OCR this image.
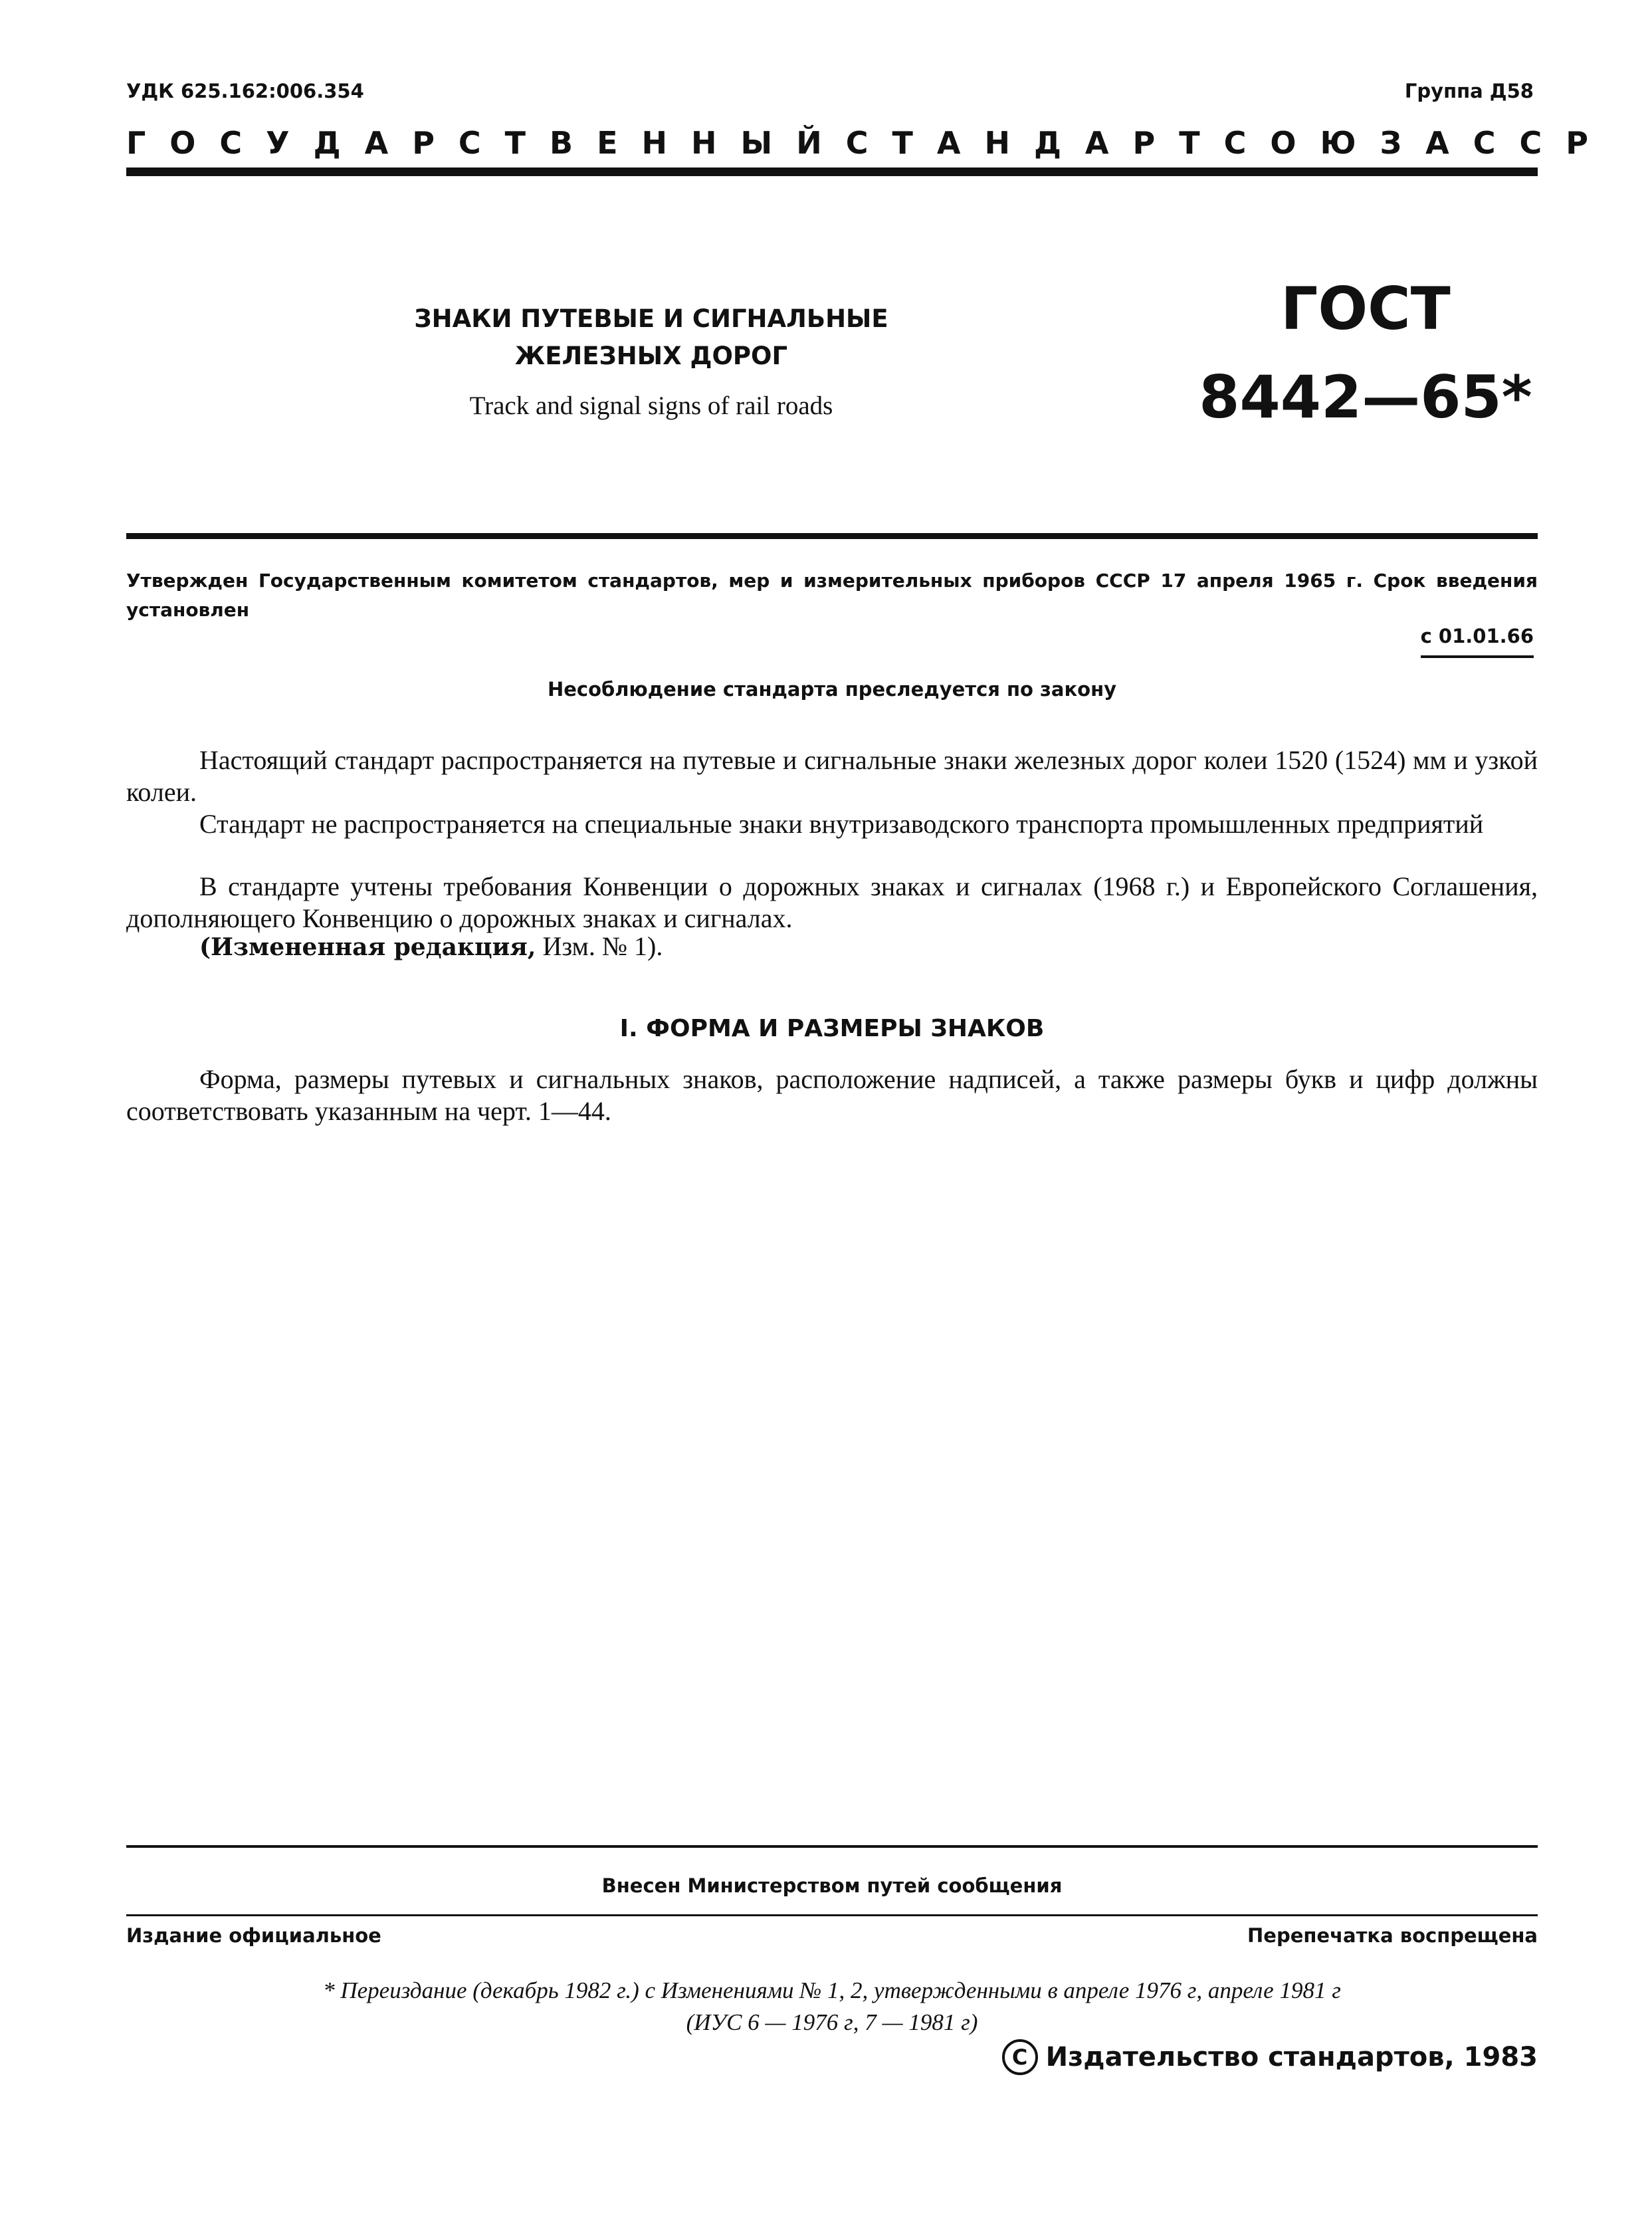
УДК 625.162:006.354	Группа Д58
ГОСУДАРСТВЕННЫЙ СТАНДАРТ СОЮЗА ССР
ЗНАКИ ПУТЕВЫЕ И СИГНАЛЬНЫЕ
ЖЕЛЕЗНЫХ ДОРОГ
Track and signal signs of rail roads
ГОСТ
8442—65*
Утвержден Государственным комитетом стандартов, мер и измерительных приборов СССР 17 апреля 1965 г. Срок введения установлен
с 01.01.66
Несоблюдение стандарта преследуется по закону
Настоящий стандарт распространяется на путевые и сигнальные знаки железных дорог колеи 1520 (1524) мм и узкой колеи.
Стандарт не распространяется на специальные знаки внутризаводского транспорта промышленных предприятий
В стандарте учтены требования Конвенции о дорожных знаках и сигналах (1968 г.) и Европейского Соглашения, дополняющего Конвенцию о дорожных знаках и сигналах.
(Измененная редакция, Изм. № 1).
I. ФОРМА И РАЗМЕРЫ ЗНАКОВ
Форма, размеры путевых и сигнальных знаков, расположение надписей, а также размеры букв и цифр должны соответствовать указанным на черт. 1—44.
Внесен Министерством путей сообщения
Издание официальное	Перепечатка воспрещена
* Переиздание (декабрь 1982 г.) с Изменениями № 1, 2, утвержденными в апреле 1976 г, апреле 1981 г
(ИУС 6 — 1976 г, 7 — 1981 г)
C Издательство стандартов, 1983
